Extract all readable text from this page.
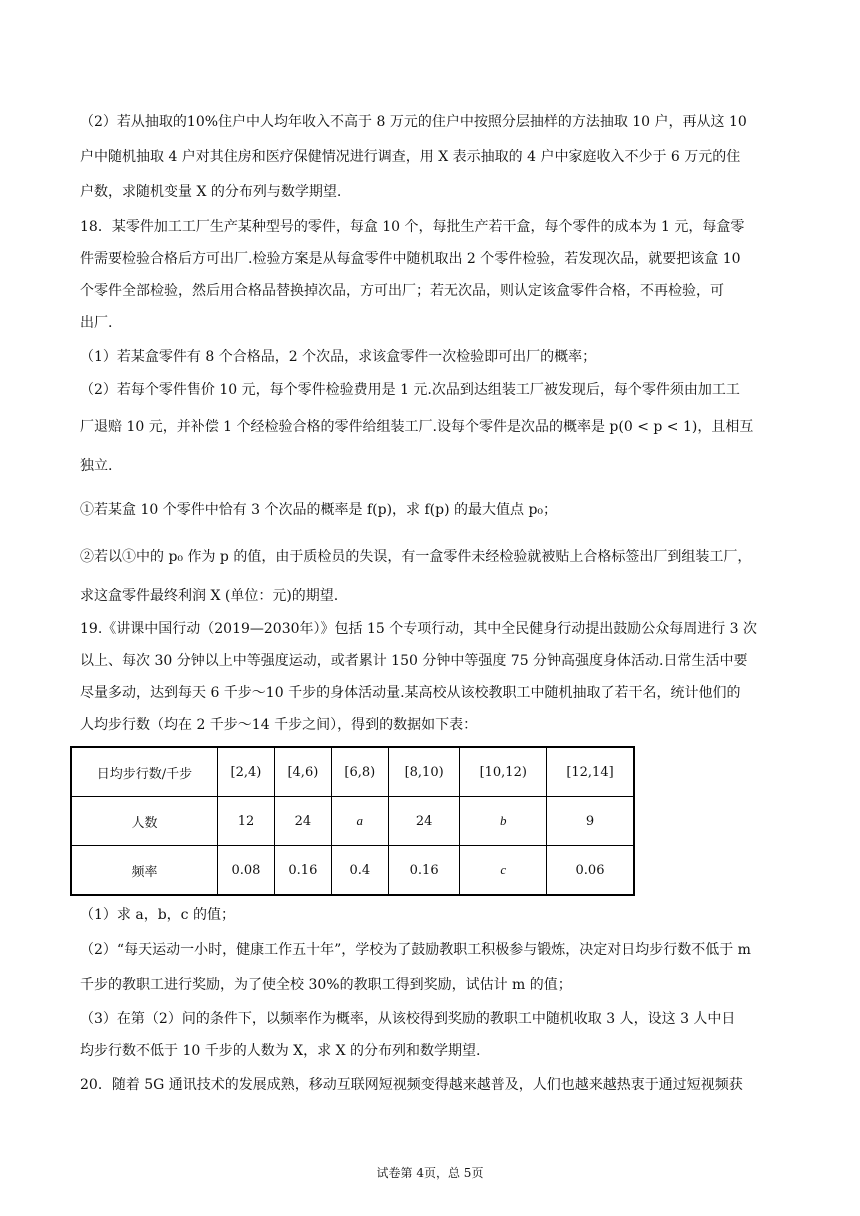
（2）若从抽取的10%住户中人均年收入不高于 8 万元的住户中按照分层抽样的方法抽取 10 户，再从这 10
户中随机抽取 4 户对其住房和医疗保健情况进行调查，用 X 表示抽取的 4 户中家庭收入不少于 6 万元的住
户数，求随机变量 X 的分布列与数学期望.
18．某零件加工工厂生产某种型号的零件，每盒 10 个，每批生产若干盒，每个零件的成本为 1 元，每盒零
件需要检验合格后方可出厂.检验方案是从每盒零件中随机取出 2 个零件检验，若发现次品，就要把该盒 10
个零件全部检验，然后用合格品替换掉次品，方可出厂；若无次品，则认定该盒零件合格，不再检验，可
出厂.
（1）若某盒零件有 8 个合格品，2 个次品，求该盒零件一次检验即可出厂的概率；
（2）若每个零件售价 10 元，每个零件检验费用是 1 元.次品到达组装工厂被发现后，每个零件须由加工工
厂退赔 10 元，并补偿 1 个经检验合格的零件给组装工厂.设每个零件是次品的概率是 p(0 < p < 1)，且相互
独立.
①若某盒 10 个零件中恰有 3 个次品的概率是 f(p)，求 f(p) 的最大值点 p₀；
②若以①中的 p₀ 作为 p 的值，由于质检员的失误，有一盒零件未经检验就被贴上合格标签出厂到组装工厂，
求这盒零件最终利润 X (单位：元)的期望.
19.《讲课中国行动（2019—2030年）》包括 15 个专项行动，其中全民健身行动提出鼓励公众每周进行 3 次
以上、每次 30 分钟以上中等强度运动，或者累计 150 分钟中等强度 75 分钟高强度身体活动.日常生活中要
尽量多动，达到每天 6 千步～10 千步的身体活动量.某高校从该校教职工中随机抽取了若干名，统计他们的
人均步行数（均在 2 千步～14 千步之间），得到的数据如下表：
日均步行数/千步	[2,4)	[4,6)	[6,8)	[8,10)	[10,12)	[12,14]
人数	12	24	a	24	b	9
频率	0.08	0.16	0.4	0.16	c	0.06
（1）求 a，b，c 的值；
（2）“每天运动一小时，健康工作五十年”，学校为了鼓励教职工积极参与锻炼，决定对日均步行数不低于 m
千步的教职工进行奖励，为了使全校 30%的教职工得到奖励，试估计 m 的值；
（3）在第（2）问的条件下，以频率作为概率，从该校得到奖励的教职工中随机收取 3 人，设这 3 人中日
均步行数不低于 10 千步的人数为 X，求 X 的分布列和数学期望.
20．随着 5G 通讯技术的发展成熟，移动互联网短视频变得越来越普及，人们也越来越热衷于通过短视频获
试卷第 4页，总 5页
